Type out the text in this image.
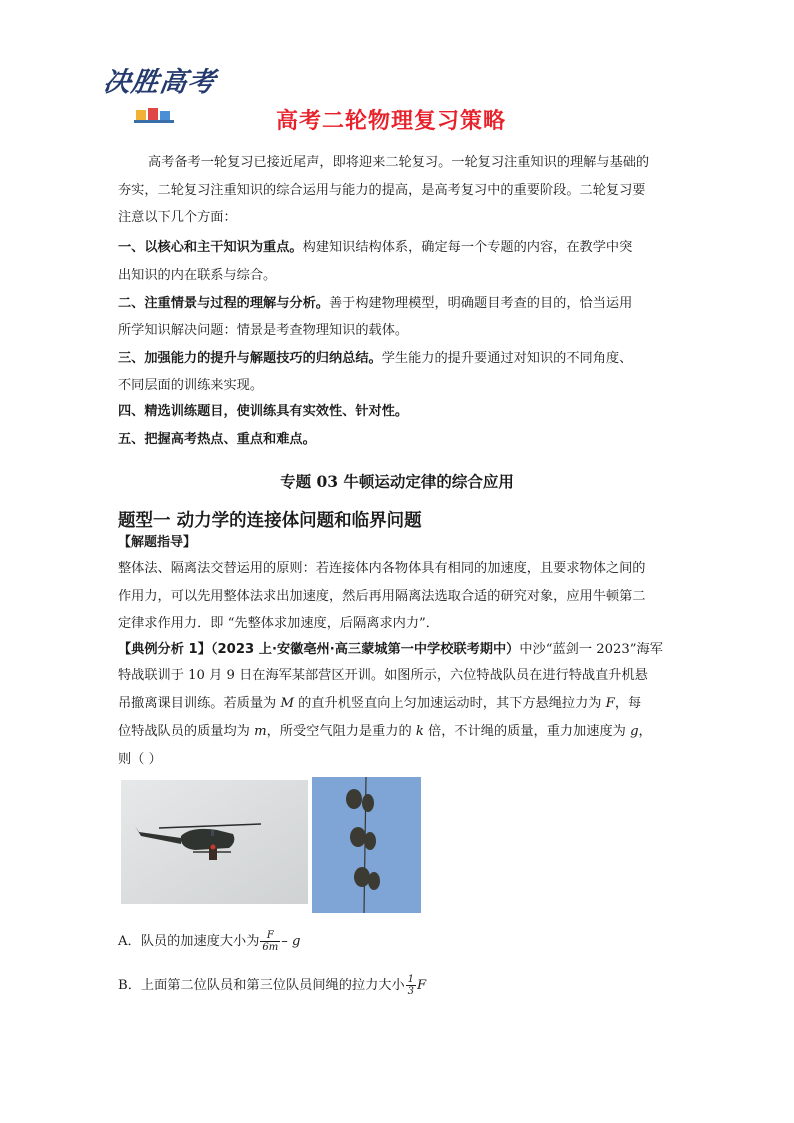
决胜高考
高考二轮物理复习策略
高考备考一轮复习已接近尾声，即将迎来二轮复习。一轮复习注重知识的理解与基础的
夯实，二轮复习注重知识的综合运用与能力的提高，是高考复习中的重要阶段。二轮复习要
注意以下几个方面：
一、以核心和主干知识为重点。构建知识结构体系，确定每一个专题的内容，在教学中突
出知识的内在联系与综合。
二、注重情景与过程的理解与分析。善于构建物理模型，明确题目考查的目的，恰当运用
所学知识解决问题：情景是考查物理知识的载体。
三、加强能力的提升与解题技巧的归纳总结。学生能力的提升要通过对知识的不同角度、
不同层面的训练来实现。
四、精选训练题目，使训练具有实效性、针对性。
五、把握高考热点、重点和难点。
专题 03 牛顿运动定律的综合应用
题型一 动力学的连接体问题和临界问题
【解题指导】
整体法、隔离法交替运用的原则：若连接体内各物体具有相同的加速度，且要求物体之间的
作用力，可以先用整体法求出加速度，然后再用隔离法选取合适的研究对象，应用牛顿第二
定律求作用力．即 “先整体求加速度，后隔离求内力”．
【典例分析 1】（2023 上·安徽亳州·高三蒙城第一中学校联考期中）中沙“蓝剑一 2023”海军
特战联训于 10 月 9 日在海军某部营区开训。如图所示，六位特战队员在进行特战直升机悬
吊撤离课目训练。若质量为 M 的直升机竖直向上匀加速运动时，其下方悬绳拉力为 F，每
位特战队员的质量均为 m，所受空气阻力是重力的 k 倍，不计绳的质量，重力加速度为 g，
则（ ）
A．队员的加速度大小为 $\frac{F}{6m}$ – g
B．上面第二位队员和第三位队员间绳的拉力大小 $\frac{1}{3}$ F
